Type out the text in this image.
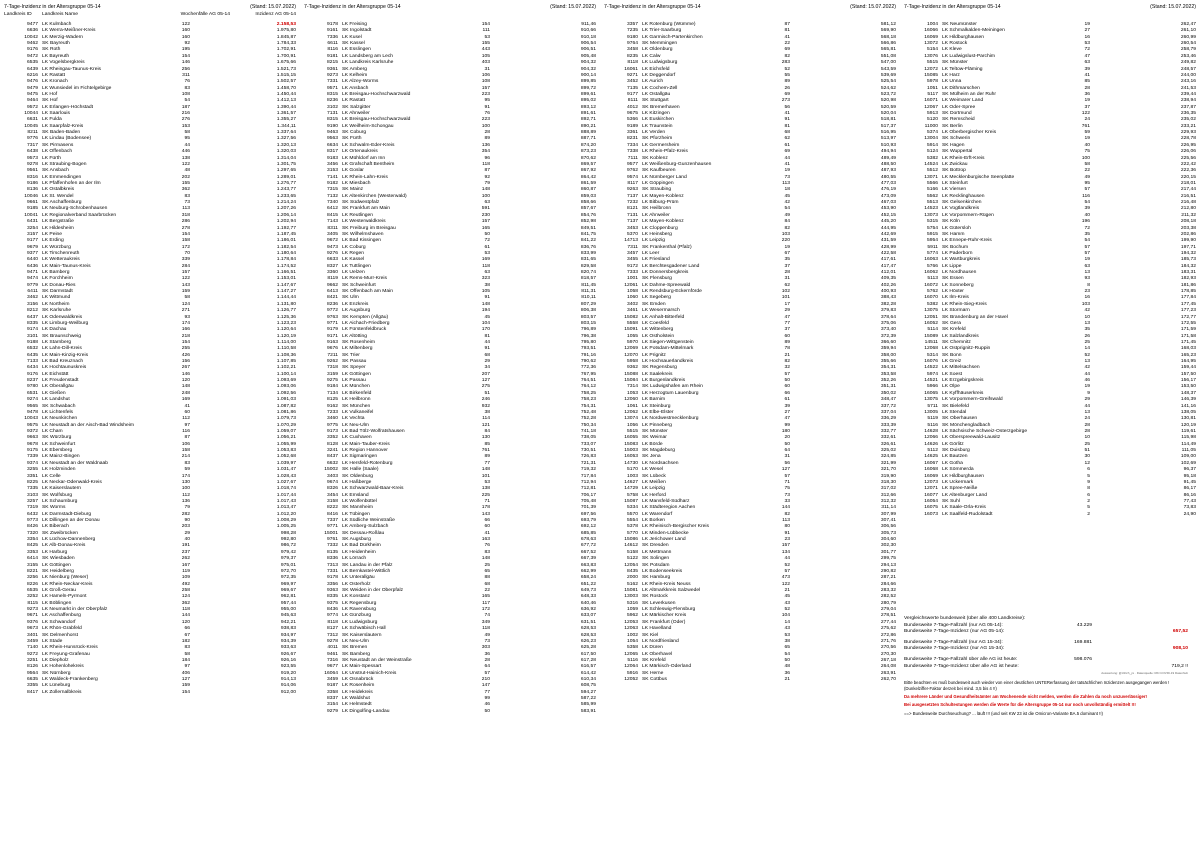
7-Tage-Inzidenz in der Altersgruppe 05-14	(Stand: 15.07.2022)
Landkreis ID Landkreis Name	Wochenfälle AG 05-14	Inzidenz AG 05-14
9477 LK Kulmbach	122	2.158,53
6636 LK Werra-Meißner-Kreis	160	1.975,80
10042 LK Merzig-Wadern	160	1.845,87
9462 SK Bayreuth	92	1.784,33
9176 SK Roth	195	1.702,91
9472 LK Bayreuth	154	1.700,91
6535 LK Vogelsbergkreis	146	1.675,66
6439 LK Rheingau-Taunus-Kreis	256	1.521,73
6216 LK Rastatt	311	1.515,15
9476 LK Kronach	76	1.502,57
9479 LK Wunsiedel im Fichtelgebirge	83	1.458,70
9475 LK Hof	108	1.450,44
9464 SK Hof	54	1.412,13
9572 LK Erlangen-Höchstadt	187	1.390,44
10044 LK Saarlouis	216	1.361,57
6631 LK Fulda	276	1.355,27
10045 LK Saarpfalz-Kreis	153	1.344,11
8211 SK Baden-Baden	58	1.337,64
9776 LK Lindau (Bodensee)	95	1.327,56
7317 SK Pirmasens	44	1.320,13
6438 LK Offenbach	446	1.320,03
9573 LK Fürth	138	1.314,04
9278 LK Straubing-Bogen	122	1.301,75
9561 SK Ansbach	48	1.297,65
8316 LK Emmendingen	202	1.289,01
9186 LK Pfaffenhofen an der Ilm	155	1.276,77
8136 LK Ostalbkreis	362	1.243,77
10046 LK St. Wendel	83	1.233,65
9661 SK Aschaffenburg	73	1.214,24
9185 LK Neuburg-Schrobenhausen	113	1.207,26
10041 LK Regionalverband Saarbrücken	318	1.206,14
6431 LK Bergstraße	286	1.202,94
3254 LK Hildesheim	278	1.192,77
3157 LK Peine	154	1.187,45
9177 LK Erding	158	1.186,01
9679 LK Würzburg	172	1.182,54
9377 LK Tirschenreuth	70	1.180,64
6440 LK Wetteraukreis	339	1.178,84
6436 LK Main-Taunus-Kreis	284	1.174,52
9471 LK Bamberg	157	1.166,51
9474 LK Forchheim	122	1.153,01
9779 LK Donau-Ries	143	1.147,67
6411 SK Darmstadt	159	1.147,27
3462 LK Wittmund	58	1.144,44
3156 LK Northeim	124	1.131,80
8212 SK Karlsruhe	271	1.126,77
6437 LK Odenwaldkreis	93	1.125,36
8335 LK Limburg-Weilburg	174	1.123,23
9174 LK Dachau	166	1.120,64
3101 SK Braunschweig	218	1.120,19
9188 LK Starnberg	154	1.114,00
6532 LK Lahn-Dill-Kreis	255	1.110,58
6435 LK Main-Kinzig-Kreis	426	1.108,36
7133 LK Bad Kreuznach	156	1.107,85
6434 LK Hochtaunuskreis	267	1.102,21
9176 LK Eichstätt	146	1.100,14
8237 LK Freudenstadt	120	1.093,69
9780 LK Oberallgäu	148	1.093,06
6531 LK Gießen	248	1.092,56
9274 LK Landshut	169	1.091,03
9565 SK Schwabach	41	1.087,82
9478 LK Lichtenfels	60	1.081,86
10043 LK Neunkirchen	112	1.079,73
9575 LK Neustadt an der Aisch-Bad Windsheim	97	1.070,29
9372 LK Cham	116	1.059,07
9663 SK Würzburg	87	1.056,21
9678 LK Schweinfurt	106	1.055,99
9175 LK Ebersberg	158	1.053,83
7339 LK Mainz-Bingen	214	1.052,68
9374 LK Neustadt an der Waldnaab	83	1.039,97
3255 LK Holzminden	59	1.031,47
3351 LK Celle	174	1.028,43
8225 LK Neckar-Odenwald-Kreis	130	1.027,67
7335 LK Kaiserslautern	100	1.018,74
3103 SK Wolfsburg	112	1.017,44
3257 LK Schaumburg	136	1.017,43
7319 SK Worms	79	1.013,47
6432 LK Darmstadt-Dieburg	282	1.012,20
9773 LK Dillingen an der Donau	90	1.008,29
8426 LK Biberach	203	1.005,25
7320 SK Zweibrücken	29	998,28
3354 LK Lüchow-Dannenberg	40	992,80
8425 LK Alb-Donau-Kreis	191	986,72
3353 LK Harburg	237	979,42
6414 SK Wiesbaden	262	979,37
3155 LK Göttingen	167	975,01
8221 SK Heidelberg	119	972,70
3256 LK Nienburg (Weser)	109	972,35
8226 LK Rhein-Neckar-Kreis	492	969,97
6535 LK Groß-Gerau	258	969,67
3252 LK Hameln-Pyrmont	124	962,81
8115 LK Böblingen	362	957,44
9273 LK Neumarkt in der Oberpfalz	118	955,00
9671 LK Aschaffenburg	144	945,63
9376 LK Schwandorf	120	942,21
9673 LK Rhön-Grabfeld	66	938,83
3401 SK Delmenhorst	67	934,97
3459 LK Stade	182	934,39
7140 LK Rhein-Hunsrück-Kreis	83	933,63
9272 LK Freyung-Grafenau	58	926,67
3251 LK Diepholz	184	926,16
8126 LK Hohenlohekreis	97	923,55
9564 SK Nürnberg	406	919,20
6635 LK Waldeck-Frankenberg	127	914,13
3355 LK Lüneburg	159	914,06
8417 LK Zollernalbkreis	154	912,00
7-Tage-Inzidenz in der Altersgruppe 05-14	(Stand: 15.07.2022)
9178 LK Freising	154	911,46
9161 SK Ingolstadt	111	910,66
7336 LK Kusel	53	910,18
6611 SK Kassel	155	906,54
8116 LK Esslingen	443	906,51
9181 LK Landsberg am Lech	105	905,48
8215 LK Landkreis Karlsruhe	403	904,32
9361 SK Amberg	31	904,32
9273 LK Kelheim	106	900,14
7331 LK Alzey-Worms	108	899,85
9571 LK Ansbach	157	899,72
8315 LK Breisgau-Hochschwarzwald	223	899,61
8236 LK Rastatt	95	895,02
3102 SK Salzgitter	91	893,12
7131 LK Ahrweiler	76	891,61
8315 LK Breisgau-Hochschwarzwald	223	892,71
9190 LK Weilheim-Schongau	100	890,21
9463 SK Coburg	28	888,89
9563 SK Fürth	89	887,71
6634 LK Schwalm-Eder-Kreis	136	874,20
8317 LK Ortenaukreis	354	873,23
9183 LK Mühldorf am Inn	96	870,62
3456 LK Grafschaft Bentheim	118	869,57
3153 LK Goslar	87	867,92
7141 LK Rhein-Lahn-Kreis	92	864,42
9182 LK Miesbach	79	861,59
7315 SK Mainz	148	860,87
7132 LK Altenkirchen (Westerwald)	100	859,03
7340 SK Südwestpfalz	63	858,66
6412 SK Frankfurt am Main	591	857,67
8415 LK Reutlingen	230	854,76
7143 LK Westerwaldkreis	157	852,98
8311 SK Freiburg im Breisgau	165	849,51
3405 SK Wilhelmshaven	50	841,75
9672 LK Bad Kissingen	72	841,22
9473 LK Coburg	61	836,76
9276 LK Regen	53	833,99
6633 LK Kassel	169	831,65
8327 LK Tuttlingen	118	829,58
3360 LK Uelzen	63	820,74
8119 LK Rems-Murr-Kreis	323	818,57
9662 SK Schweinfurt	38	811,45
6413 SK Offenbach am Main	105	811,31
8421 SK Ulm	91	810,11
8236 LK Enzkreis	148	807,29
9772 LK Augsburg	194	806,38
9763 SK Kempten (Allgäu)	45	803,57
9771 LK Aichach-Friedberg	104	803,15
9179 LK Fürstenfeldbruck	170	796,89
9171 LK Altötting	81	796,38
9163 SK Rosenheim	44	795,80
9676 LK Miltenberg	91	793,51
7211 SK Trier	68	791,16
9262 SK Passau	29	790,62
7318 SK Speyer	34	772,36
3159 LK Göttingen	207	767,95
9275 LK Passau	127	764,51
9184 LK München	275	764,12
7134 LK Birkenfeld	51	758,25
8125 LK Heilbronn	246	758,23
9162 SK München	932	754,31
7233 LK Vulkaneifel	38	752,48
3460 LK Vechta	114	752,28
9775 LK Neu-Ulm	121	750,34
9173 LK Bad Tölz-Wolfratshausen	84	741,18
3352 LK Cuxhaven	130	738,05
8128 LK Main-Tauber-Kreis	85	733,07
3241 LK Region Hannover	761	730,51
8437 LK Sigmaringen	89	726,83
6632 LK Hersfeld-Rotenburg	77	721,31
15002 SK Halle (Saale)	148	719,32
3403 SK Oldenburg	101	717,84
9674 LK Haßberge	53	712,94
8326 LK Schwarzwald-Baar-Kreis	138	712,81
3454 LK Emsland	225	706,17
3158 LK Wolfenbüttel	71	705,48
8222 SK Mannheim	178	701,39
8416 LK Tübingen	143	697,56
7337 LK Südliche Weinstraße	66	693,79
9771 LK Amberg-Sulzbach	60	692,12
15001 SK Dessau-Roßlau	41	685,85
9761 SK Augsburg	163	678,63
7332 LK Bad Dürkheim	76	677,72
8135 LK Heidenheim	83	667,52
8336 LK Lörrach	148	667,39
7313 SK Landau in der Pfalz	25	663,83
7331 LK Bernkastel-Wittlich	65	662,99
9178 LK Unterallgäu	88	658,24
3356 LK Osterholz	68	651,22
9363 SK Weiden in der Oberpfalz	22	649,73
8335 LK Konstanz	165	648,33
9375 LK Regensburg	117	640,46
8436 LK Ravensburg	172	636,92
9774 LK Günzburg	74	633,07
8118 LK Ludwigsburg	349	631,51
8127 LK Schwäbisch Hall	118	628,53
7312 SK Kaiserslautern	49	628,53
9278 LK Neu-Ulm	73	626,23
4011 SK Bremen	303	625,28
9461 SK Bamberg	36	617,50
7316 SK Neustadt an der Weinstraße	28	617,28
9677 LK Main-Spessart	64	616,57
16064 LK Unstrut-Hainich-Kreis	57	614,42
3459 LK Osnabrück	210	610,34
9187 LK Rosenheim	147	608,75
3358 LK Heidekreis	77	594,27
8337 LK Waldshut	99	587,22
3154 LK Helmstedt	46	585,99
9279 LK Dingolfing-Landau	50	583,91
7-Tage-Inzidenz in der Altersgruppe 05-14	(Stand: 15.07.2022)
3357 LK Rotenburg (Wümme)	87	581,12
7235 LK Trier-Saarburg	81	569,90
9180 LK Garmisch-Partenkirchen	41	568,18
9764 SK Memmingen	22	566,86
3458 LK Oldenburg	69	565,81
8235 LK Calw	82	551,08
8118 LK Ludwigsburg	283	547,00
16061 LK Eichsfeld	52	543,59
9271 LK Deggendorf	55	539,69
3452 LK Aurich	89	525,54
7135 LK Cochem-Zell	26	524,62
9177 LK Ostallgäu	69	523,72
8111 SK Stuttgart	273	520,98
4012 SK Bremerhaven	56	520,59
9675 LK Kitzingen	41	520,04
5366 LK Euskirchen	91	518,81
9189 LK Traunstein	81	517,37
3361 LK Verden	68	516,95
8231 SK Pforzheim	62	513,97
7334 LK Germersheim	61	510,93
7338 LK Rhein-Pfalz-Kreis	69	494,94
7111 SK Koblenz	44	489,49
9577 LK Weißenburg-Gunzenhausen	41	488,50
9762 SK Kaufbeuren	19	487,93
9574 LK Nürnberger Land	73	480,55
8117 LK Göppingen	113	477,03
9263 SK Straubing	18	476,19
7137 LK Mayen-Koblenz	45	473,09
7232 LK Bitburg-Prüm	42	467,03
8121 SK Heilbronn	54	453,90
7131 LK Ahrweiler	49	452,15
7137 LK Mayen-Koblenz	84	445,20
3453 LK Cloppenburg	82	444,95
5370 LK Heinsberg	103	442,69
14713 LK Leipzig	220	431,59
7311 SK Frankenthal (Pfalz)	19	428,99
3457 LK Leer	67	422,58
3455 LK Friesland	35	417,61
9172 LK Berchtesgadener Land	37	417,47
7333 LK Donnersbergkreis	28	412,01
1001 SK Flensburg	31	409,35
12061 LK Dahme-Spreewald	62	402,26
1058 LK Rendsburg-Eckernförde	102	400,93
1060 LK Segeberg	101	388,43
3402 SK Emden	17	382,28
3461 LK Wesermarsch	29	379,83
15082 LK Anhalt-Bitterfeld	47	378,64
5558 LK Coesfeld	77	375,06
15091 LK Wittenberg	37	373,40
1055 LK Ostholstein	60	372,39
5970 LK Siegen-Wittgenstein	89	366,60
12069 LK Potsdam-Mittelmark	78	359,94
12070 LK Prignitz	21	358,00
5958 LK Hochsauerlandkreis	82	355,66
9362 SK Regensburg	32	354,31
15088 LK Saalekreis	57	353,58
15084 LK Burgenlandkreis	50	352,26
7314 SK Ludwigshafen am Rhein	60	351,31
1053 LK Herzogtum Lauenburg	66	350,02
12060 LK Barnim	61	348,47
1061 LK Steinburg	39	337,72
12062 LK Elbe-Elster	27	337,04
13074 LK Nordwestmecklenburg	47	336,29
1056 LK Pinneberg	99	333,39
5515 SK Münster	180	332,77
16055 SK Weimar	20	332,61
15083 LK Börde	50	326,61
15003 SK Magdeburg	64	325,02
16053 SK Jena	31	324,85
14730 LK Nordsachsen	56	321,99
5170 LK Wesel	127	321,70
1003 SK Lübeck	57	319,90
14627 LK Meißen	71	318,30
14729 LK Leipzig	75	317,02
5758 LK Herford	73	312,66
15087 LK Mansfeld-Südharz	33	312,32
5334 LK Städteregion Aachen	144	311,14
5570 LK Warendorf	82	307,99
5554 LK Borken	113	307,41
5378 LK Rheinisch-Bergischer Kreis	80	306,56
5770 LK Minden-Lübbecke	91	305,73
15086 LK Jerichower Land	23	304,60
14612 SK Dresden	157	302,30
5158 LK Mettmann	134	301,77
5122 SK Solingen	44	299,75
12054 SK Potsdam	52	294,13
8435 LK Bodenseekreis	57	290,82
2000 SK Hamburg	473	287,21
5162 LK Rhein-Kreis Neuss	122	284,66
15081 LK Altmarkkreis Salzwedel	21	283,32
13003 SK Rostock	45	282,52
5316 SK Leverkusen	43	280,79
1059 LK Schleswig-Flensburg	52	279,04
5962 LK Märkischer Kreis	104	278,51
12053 SK Frankfurt (Oder)	14	277,44
12063 LK Havelland	43	275,62
1002 SK Kiel	53	272,86
1054 LK Nordfriesland	38	271,76
5358 LK Düren	65	270,56
12065 LK Oberhavel	54	270,30
5116 SK Krefeld	50	267,18
12064 LK Märkisch-Oderland	48	264,08
5916 SK Herne	36	263,91
12052 SK Cottbus	21	262,70
7-Tage-Inzidenz in der Altersgruppe 05-14	(Stand: 15.07.2022)
1004 SK Neumünster	19	262,47
16066 LK Schmalkalden-Meiningen	27	261,10
16069 LK Hildburghausen	16	260,99
13072 LK Rostock	53	260,54
5154 LK Kleve	72	258,79
13076 LK Ludwigslust-Parchim	47	253,46
5515 SK Münster	63	249,82
12072 LK Teltow-Fläming	39	248,57
15085 LK Harz	41	244,00
5978 LK Unna	85	243,16
1051 LK Dithmarschen	28	241,53
5117 SK Mülheim an der Ruhr	36	239,44
16071 LK Weimarer Land	19	238,94
12067 LK Oder-Spree	37	237,87
5913 SK Dortmund	122	236,35
5120 SK Remscheid	24	235,02
11000 SK Berlin	761	233,21
5374 LK Oberbergischer Kreis	59	229,93
13004 SK Schwerin	19	228,78
5914 SK Hagen	40	226,95
5124 SK Wuppertal	75	226,06
5382 LK Rhein-Erft-Kreis	100	225,56
14524 LK Zwickau	58	222,42
5512 SK Bottrop	22	222,36
13071 LK Mecklenburgische Seenplatte	49	220,15
5566 LK Steinfurt	95	218,01
5166 LK Viersen	57	217,44
5562 LK Recklinghausen	116	216,51
5513 SK Gelsenkirchen	54	216,48
14523 LK Vogtlandkreis	39	212,80
13073 LK Vorpommern-Rügen	40	211,32
5315 SK Köln	196	208,18
5754 LK Gütersloh	72	203,38
5915 SK Hamm	35	202,86
5954 LK Ennepe-Ruhr-Kreis	54	199,90
5911 SK Bochum	57	197,71
5774 LK Paderborn	57	194,32
16063 LK Wartburgkreis	19	185,73
5766 LK Lippe	63	184,32
16062 LK Nordhausen	13	183,31
5113 SK Essen	93	182,93
16072 LK Sonneberg	8	181,86
5762 LK Höxter	23	178,85
16070 LK Ilm-Kreis	16	177,84
5382 LK Rhein-Sieg-Kreis	103	177,45
13075 LK Stormarn	42	177,23
12051 SK Brandenburg an der Havel	10	172,77
16052 SK Gera	13	172,55
5114 SK Krefeld	35	171,59
15089 LK Salzlandkreis	26	171,58
14511 SK Chemnitz	25	171,45
12068 LK Ostprignitz-Ruppin	14	168,03
5314 SK Bonn	52	165,23
16076 LK Greiz	13	164,95
14522 LK Mittelsachsen	42	159,44
5974 LK Soest	44	157,50
14521 LK Erzgebirgskreis	46	156,17
5966 LK Olpe	19	153,50
16065 LK Kyffhäuserkreis	9	148,37
13075 LK Vorpommern-Greifswald	29	146,39
5711 SK Bielefeld	44	141,16
13005 LK Stendal	13	138,05
5119 SK Oberhausen	24	130,81
5116 SK Mönchengladbach	28	120,19
14628 LK Sächsische Schweiz-Osterzgebirge	28	119,61
12066 LK Oberspreewald-Lausitz	10	115,98
14626 LK Görlitz	25	114,49
5112 SK Duisburg	51	111,05
14625 LK Bautzen	30	109,00
16067 LK Gotha	12	102,69
16068 LK Sömmerda	6	96,37
16069 LK Hildburghausen	5	95,18
12073 LK Uckermark	9	91,45
12071 LK Spree-Neiße	8	86,17
16077 LK Altenburger Land	6	86,16
16054 SK Suhl	2	77,43
16075 LK Saale-Orla-Kreis	5	73,83
16073 LK Saalfeld-Rudolstadt	2	24,90
Vergleichswerte bundesweit (über alle 400 Landkreise):
Bundesweite 7-Tage-Fallzahl (nur AG 05-14):	43.229
Bundesweite 7-Tage-Inzidenz (nur AG 05-14):	657,52
Bundesweite 7-Tage-Fallzahl (nur AG 15-34):	169.881
Bundesweite 7-Tage-Inzidenz (nur AG 15-34):	908,10
Bundesweite 7-Tage-Fallzahl über alle AG ist heute:	598.076
Bundesweite 7-Tage-Inzidenz über alle AG ist heute:	719,2 !!
Auswertung: @Ulrich_yx · Datenquelle: RKI COVID-19 Datenhub
Bitte beachten es muß bundesweit auch wieder von einer deutlichen UNTERerfassung der tatsächlichen Inzidenzen ausgegangen werden ! (Dunkelziffer-Faktor derzeit bei mind. 3,5 bis 4 !!)
Da mehrere Länder und Gesundheitsämter am Wochenende nicht melden, werden die Zahlen da noch unzuverlässiger!
Bei ausgesetzten Schultestungen werden die Werte für die Altersgruppe 05-14 nur noch unvollständig ermittelt !!!
==> Bundesweite Durchseuchung? ... läuft !!! (und seit KW 23 ist die Omicron-Variante BA.5 dominant !!)
